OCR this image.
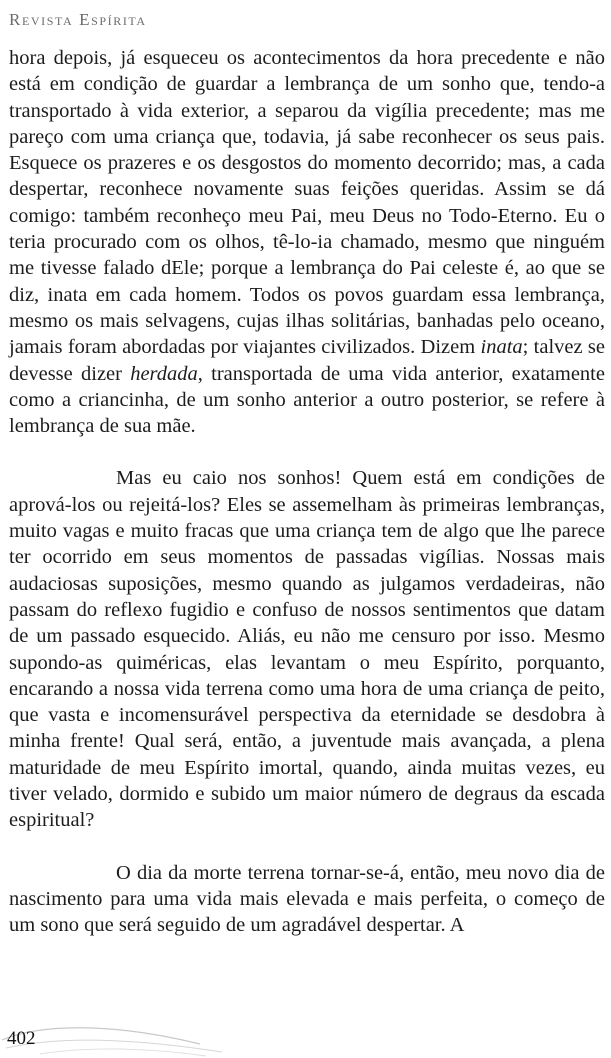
Revista Espírita

hora depois, já esqueceu os acontecimentos da hora precedente e não está em condição de guardar a lembrança de um sonho que, tendo-a transportado à vida exterior, a separou da vigília precedente; mas me pareço com uma criança que, todavia, já sabe reconhecer os seus pais. Esquece os prazeres e os desgostos do momento decorrido; mas, a cada despertar, reconhece novamente suas feições queridas. Assim se dá comigo: também reconheço meu Pai, meu Deus no Todo-Eterno. Eu o teria procurado com os olhos, tê-lo-ia chamado, mesmo que ninguém me tivesse falado dEle; porque a lembrança do Pai celeste é, ao que se diz, inata em cada homem. Todos os povos guardam essa lembrança, mesmo os mais selvagens, cujas ilhas solitárias, banhadas pelo oceano, jamais foram abordadas por viajantes civilizados. Dizem inata; talvez se devesse dizer herdada, transportada de uma vida anterior, exatamente como a criancinha, de um sonho anterior a outro posterior, se refere à lembrança de sua mãe.

Mas eu caio nos sonhos! Quem está em condições de aprová-los ou rejeitá-los? Eles se assemelham às primeiras lembranças, muito vagas e muito fracas que uma criança tem de algo que lhe parece ter ocorrido em seus momentos de passadas vigílias. Nossas mais audaciosas suposições, mesmo quando as julgamos verdadeiras, não passam do reflexo fugidio e confuso de nossos sentimentos que datam de um passado esquecido. Aliás, eu não me censuro por isso. Mesmo supondo-as quiméricas, elas levantam o meu Espírito, porquanto, encarando a nossa vida terrena como uma hora de uma criança de peito, que vasta e incomensurável perspectiva da eternidade se desdobra à minha frente! Qual será, então, a juventude mais avançada, a plena maturidade de meu Espírito imortal, quando, ainda muitas vezes, eu tiver velado, dormido e subido um maior número de degraus da escada espiritual?

O dia da morte terrena tornar-se-á, então, meu novo dia de nascimento para uma vida mais elevada e mais perfeita, o começo de um sono que será seguido de um agradável despertar. A

402
